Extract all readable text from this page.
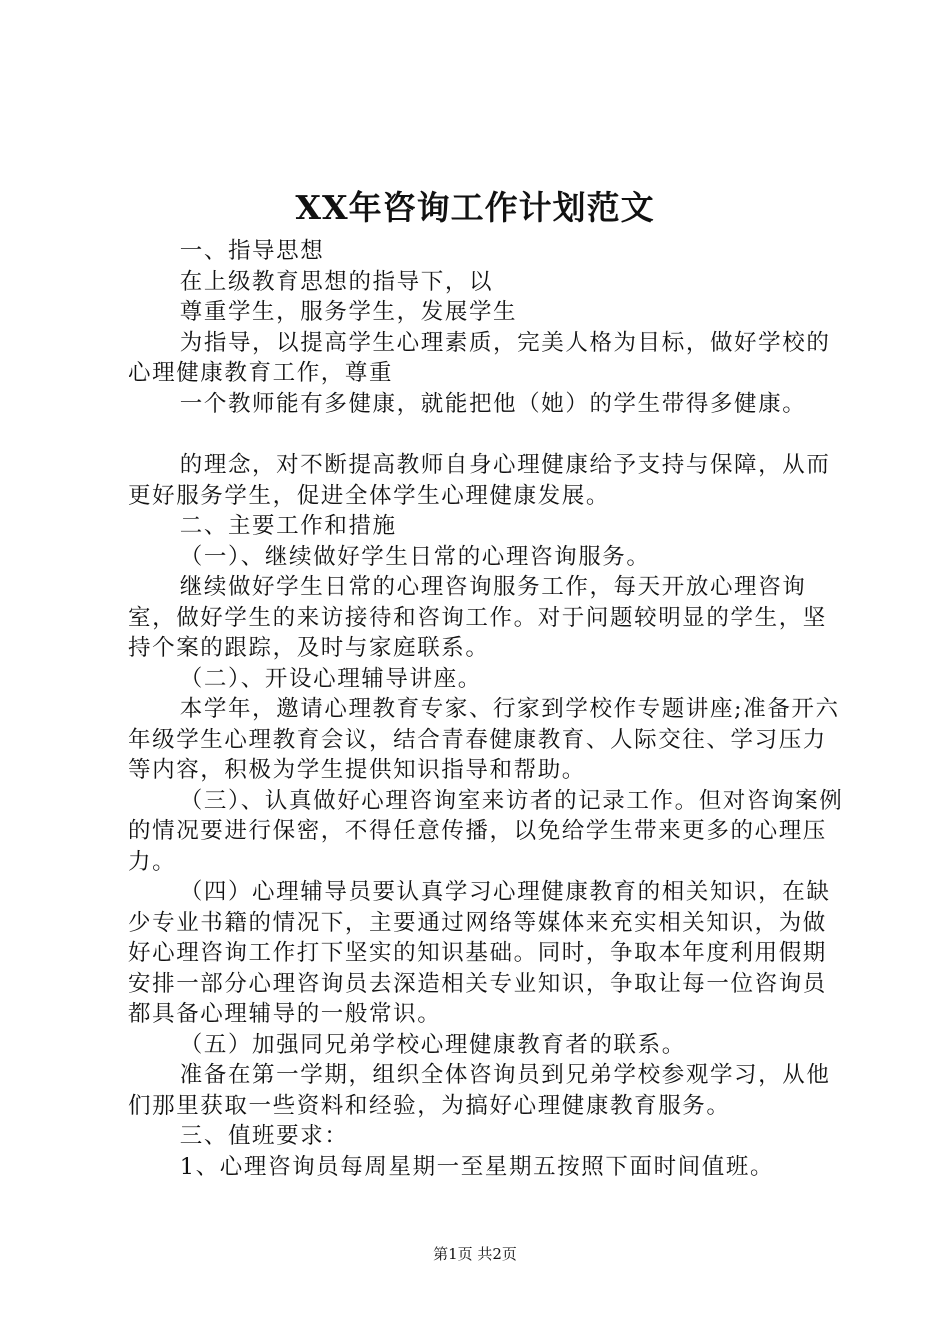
XX年咨询工作计划范文

一、指导思想

在上级教育思想的指导下，以

尊重学生，服务学生，发展学生

为指导，以提高学生心理素质，完美人格为目标，做好学校的心理健康教育工作，尊重

一个教师能有多健康，就能把他（她）的学生带得多健康。

的理念，对不断提高教师自身心理健康给予支持与保障，从而更好服务学生，促进全体学生心理健康发展。

二、主要工作和措施

（一）、继续做好学生日常的心理咨询服务。

继续做好学生日常的心理咨询服务工作，每天开放心理咨询室，做好学生的来访接待和咨询工作。对于问题较明显的学生，坚持个案的跟踪，及时与家庭联系。

（二）、开设心理辅导讲座。

本学年，邀请心理教育专家、行家到学校作专题讲座;准备开六年级学生心理教育会议，结合青春健康教育、人际交往、学习压力等内容，积极为学生提供知识指导和帮助。

（三）、认真做好心理咨询室来访者的记录工作。但对咨询案例的情况要进行保密，不得任意传播，以免给学生带来更多的心理压力。

（四）心理辅导员要认真学习心理健康教育的相关知识，在缺少专业书籍的情况下，主要通过网络等媒体来充实相关知识，为做好心理咨询工作打下坚实的知识基础。同时，争取本年度利用假期安排一部分心理咨询员去深造相关专业知识，争取让每一位咨询员都具备心理辅导的一般常识。

（五）加强同兄弟学校心理健康教育者的联系。

准备在第一学期，组织全体咨询员到兄弟学校参观学习，从他们那里获取一些资料和经验，为搞好心理健康教育服务。

三、值班要求：

1、心理咨询员每周星期一至星期五按照下面时间值班。

第1页 共2页
